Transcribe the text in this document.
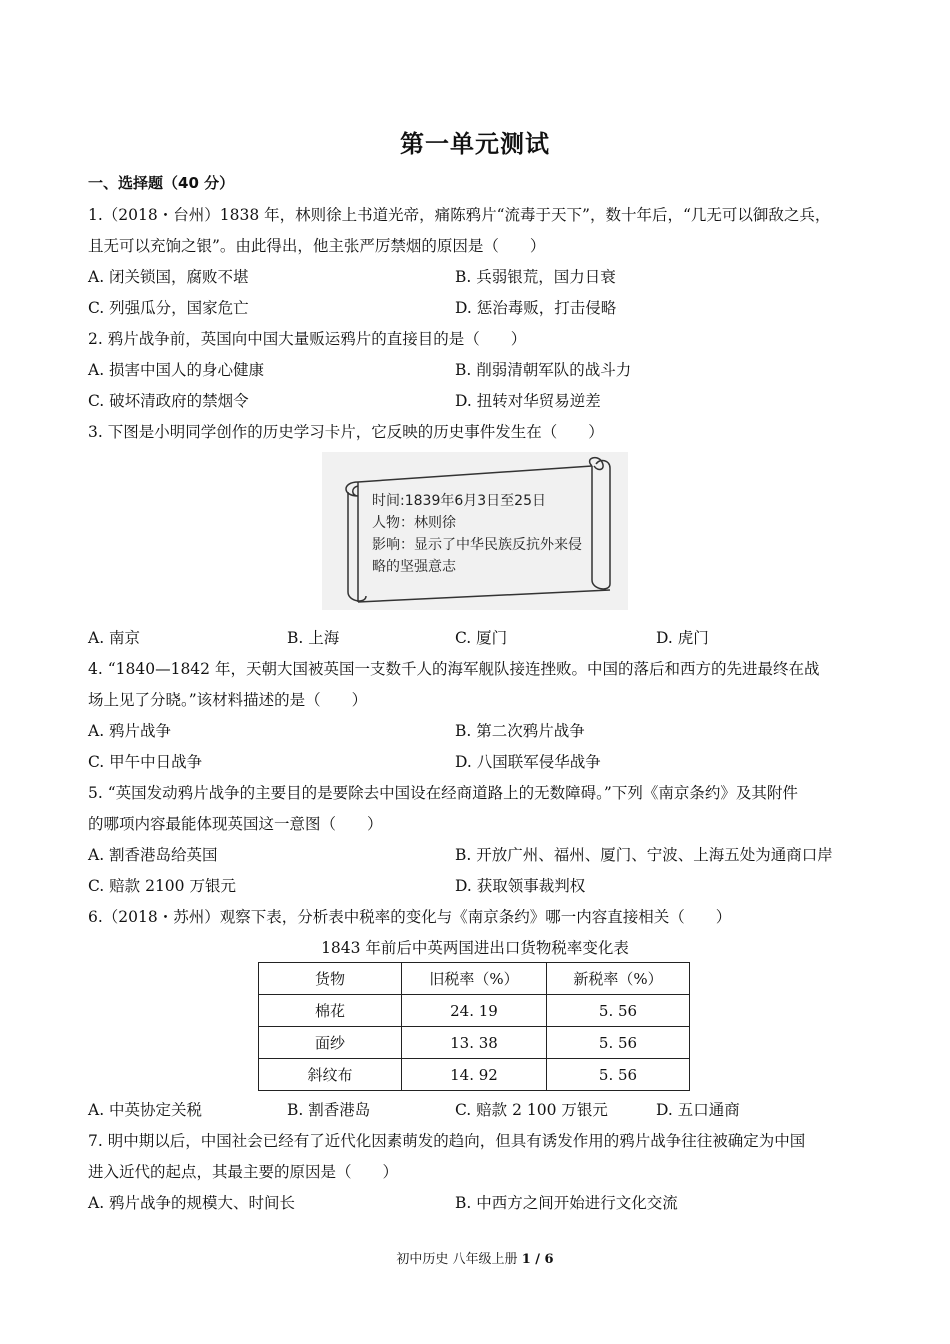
第一单元测试
一、选择题（40 分）
1.（2018・台州）1838 年，林则徐上书道光帝，痛陈鸦片“流毒于天下”，数十年后，“几无可以御敌之兵，
且无可以充饷之银”。由此得出，他主张严厉禁烟的原因是（　　）
A. 闭关锁国，腐败不堪	B. 兵弱银荒，国力日衰
C. 列强瓜分，国家危亡	D. 惩治毒贩，打击侵略
2. 鸦片战争前，英国向中国大量贩运鸦片的直接目的是（　　）
A. 损害中国人的身心健康	B. 削弱清朝军队的战斗力
C. 破坏清政府的禁烟令	D. 扭转对华贸易逆差
3. 下图是小明同学创作的历史学习卡片，它反映的历史事件发生在（　　）
时间:1839年6月3日至25日
人物：林则徐
影响：显示了中华民族反抗外来侵
略的坚强意志
A. 南京	B. 上海	C. 厦门	D. 虎门
4. “1840—1842 年，天朝大国被英国一支数千人的海军舰队接连挫败。中国的落后和西方的先进最终在战
场上见了分晓。”该材料描述的是（　　）
A. 鸦片战争	B. 第二次鸦片战争
C. 甲午中日战争	D. 八国联军侵华战争
5. “英国发动鸦片战争的主要目的是要除去中国设在经商道路上的无数障碍。”下列《南京条约》及其附件
的哪项内容最能体现英国这一意图（　　）
A. 割香港岛给英国	B. 开放广州、福州、厦门、宁波、上海五处为通商口岸
C. 赔款 2100 万银元	D. 获取领事裁判权
6.（2018・苏州）观察下表，分析表中税率的变化与《南京条约》哪一内容直接相关（　　）
1843 年前后中英两国进出口货物税率变化表
货物	旧税率（%）	新税率（%）
棉花	24. 19	5. 56
面纱	13. 38	5. 56
斜纹布	14. 92	5. 56
A. 中英协定关税	B. 割香港岛	C. 赔款 2 100 万银元	D. 五口通商
7. 明中期以后，中国社会已经有了近代化因素萌发的趋向，但具有诱发作用的鸦片战争往往被确定为中国
进入近代的起点，其最主要的原因是（　　）
A. 鸦片战争的规模大、时间长	B. 中西方之间开始进行文化交流
初中历史 八年级上册 1 / 6
